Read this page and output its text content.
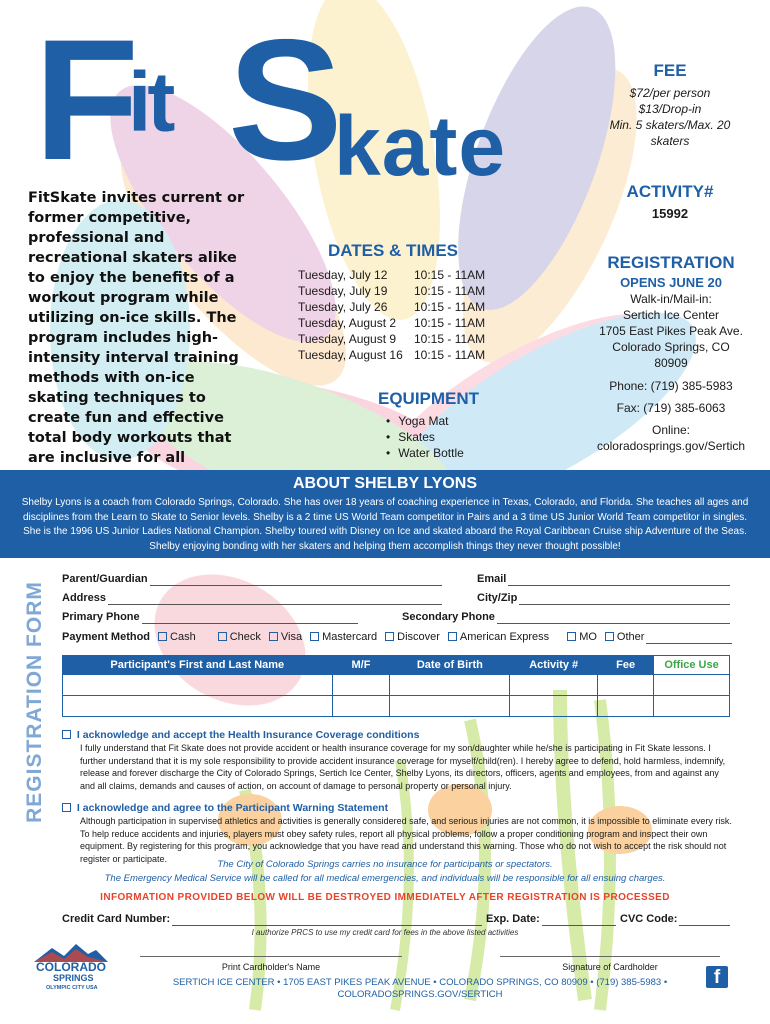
F
it S
kate

FitSkate invites current or former competitive, professional and recreational skaters alike to enjoy the benefits of a workout program while utilizing on-ice skills. The program includes high-intensity interval training methods with on-ice skating techniques to create fun and effective total body workouts that are inclusive for all

DATES & TIMES
Tuesday, July 12	10:15 - 11AM
Tuesday, July 19	10:15 - 11AM
Tuesday, July 26	10:15 - 11AM
Tuesday, August 2	10:15 - 11AM
Tuesday, August 9	10:15 - 11AM
Tuesday, August 16 10:15 - 11AM
EQUIPMENT
• Yoga Mat
• Skates
• Water Bottle
FEE
$72/per person
$13/Drop-in
Min. 5 skaters/Max. 20
skaters
ACTIVITY#
15992
REGISTRATION
OPENS JUNE 20
Walk-in/Mail-in:
Sertich Ice Center
1705 East Pikes Peak Ave.
Colorado Springs, CO
80909
Phone: (719) 385-5983
Fax: (719) 385-6063
Online:
coloradosprings.gov/Sertich
ABOUT SHELBY LYONS

Shelby Lyons is a coach from Colorado Springs, Colorado. She has over 18 years of coaching experience in Texas, Colorado, and Florida. She teaches all ages and disciplines from the Learn to Skate to Senior levels. Shelby is a 2 time US World Team competitor in Pairs and a 3 time US Junior World Team competitor in singles. She is the 1996 US Junior Ladies National Champion. Shelby toured with Disney on Ice and skated aboard the Royal Caribbean Cruise ship Adventure of the Seas. Shelby enjoying bonding with her skaters and helping them accomplish things they never thought possible!

REGISTRATION FORM
Parent/Guardian	Email
Address	City/Zip
Primary Phone	Secondary Phone
Payment Method	Cash	Check	Visa	Mastercard	Discover	American Express	MO	Other
Participant's First and Last Name	M/F	Date of Birth	Activity #	Fee	Office Use

I acknowledge and accept the Health Insurance Coverage conditions
I fully understand that Fit Skate does not provide accident or health insurance coverage for my son/daughter while he/she is participating in Fit Skate lessons. I further understand that it is my sole responsibility to provide accident insurance coverage for myself/child(ren). I hereby agree to defend, hold harmless, indemnify, release and forever discharge the City of Colorado Springs, Sertich Ice Center, Shelby Lyons, its directors, officers, agents and employees, from and against any and all claims, demands and causes of action, on account of damage to personal property or personal injury.
I acknowledge and agree to the Participant Warning Statement
Although participation in supervised athletics and activities is generally considered safe, and serious injuries are not common, it is impossible to eliminate every risk. To help reduce accidents and injuries, players must obey safety rules, report all physical problems, follow a proper conditioning program and inspect their own equipment. By registering for this program, you acknowledge that you have read and understand this warning. Those who do not wish to accept the risk should not register or participate.
The City of Colorado Springs carries no insurance for participants or spectators.
The Emergency Medical Service will be called for all medical emergencies, and individuals will be responsible for all ensuing charges.
INFORMATION PROVIDED BELOW WILL BE DESTROYED IMMEDIATELY AFTER REGISTRATION IS PROCESSED
Credit Card Number:	Exp. Date:	CVC Code:
I authorize PRCS to use my credit card for fees in the above listed activities
Print Cardholder's Name	Signature of Cardholder
COLORADO
SPRINGS
OLYMPIC CITY USA	SERTICH ICE CENTER • 1705 EAST PIKES PEAK AVENUE • COLORADO SPRINGS, CO 80909 • (719) 385-5983 • COLORADOSPRINGS.GOV/SERTICH
f
